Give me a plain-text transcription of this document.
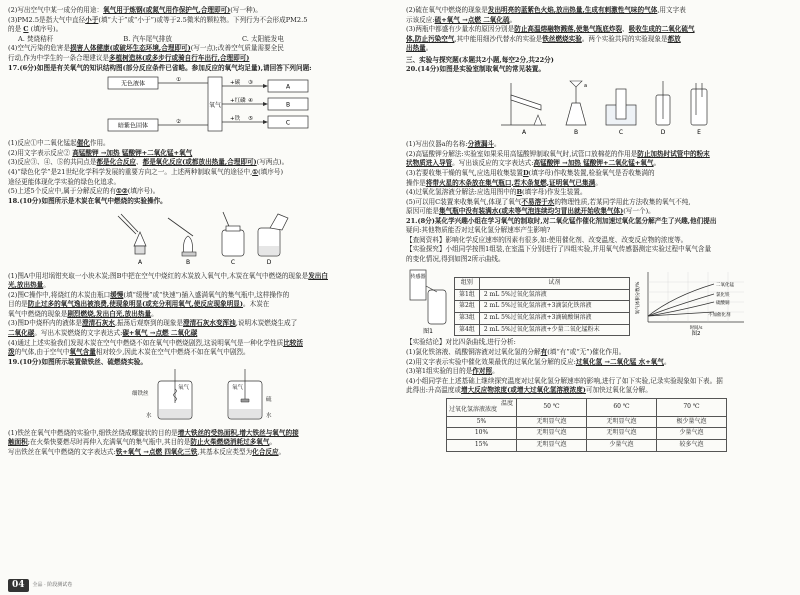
(2)写出空气中某一成分的用途：氧气用于炼钢(或氮气用作保护气,合理即可)(写一种)。
(3)PM2.5是指大气中直径小于(填“大于”或“小于”)或等于2.5微米的颗粒物。下列行为不会形成PM2.5
的是 C (填序号)。
A. 焚烧秸秆	B. 汽车尾气排放	C. 太阳能发电
(4)空气污染的危害是损害人体健康(或破坏生态环境,合理即可)(写一点);改善空气质量需要全民
行动,作为中学生的一条合理建议是多植树造林(或多步行或骑自行车出行,合理即可)
17.(6分)如图是有关氧气的知识结构图(部分反应条件已省略。参加反应的氧气均足量),请回答下列问题:
无色液体
暗紫色固体
①
②
氧气
+碳
+红磷
+铁
③
④
⑤
A
B
C
(1)反应①中二氧化锰起催化作用。
(2)用文字表示反应② 高锰酸钾 →加热 锰酸钾+二氧化锰+氧气
(3)反应③、④、⑤的共同点是都是化合反应、都是氧化反应(或都放出热量,合理即可)(写两点)。
(4)“绿色化学”是21世纪化学科学发展的重要方向之一。上述两种制取氧气的途径中,①(填序号)
途径更能体现化学实验的绿色化追求。
(5)上述5个反应中,属于分解反应的有①②(填序号)。
18.(10分)如图所示是木炭在氧气中燃烧的实验操作。
A	B	C	D
(1)图A中用坩埚钳夹取一小块木炭;图B中把在空气中烧红的木炭放入氧气中,木炭在氧气中燃烧的现象是发出白
光,放出热量。
(2)图C操作中,将烧红的木炭由瓶口缓慢(填“缓慢”或“快速”)插入盛满氧气的集气瓶中,这样操作的
目的是防止过多的氧气逸出被浪费,使现象明显(或充分利用氧气,使反应现象明显)。木炭在
氧气中燃烧的现象是剧烈燃烧,发出白光,放出热量。
(3)图D中烧杯内的液体是澄清石灰水,振荡后观察到的现象是澄清石灰水变浑浊,说明木炭燃烧生成了
二氧化碳。写出木炭燃烧的文字表达式:碳+氧气 →点燃 二氧化碳
(4)通过上述实验我们发现木炭在空气中燃烧不如在氧气中燃烧剧烈,这说明氧气是一种化学性质比较活
泼的气体,由于空气中氧气含量相对较少,因此木炭在空气中燃烧不如在氧气中剧烈。
19.(10分)如图所示装置做铁丝、硫燃烧实验。
细铁丝
氧气
水
氧气
硫
水
(1)铁丝在氧气中燃烧的实验中,细铁丝绕成螺旋状的目的是增大铁丝的受热面积,增大铁丝与氧气的接
触面积;在火柴快要燃尽时再伸入充满氧气的集气瓶中,其目的是防止火柴燃烧消耗过多氧气。
写出铁丝在氧气中燃烧的文字表达式:铁+氧气 →点燃 四氧化三铁,其基本反应类型为化合反应。
(2)硫在氧气中燃烧的现象是发出明亮的蓝紫色火焰,放出热量,生成有刺激性气味的气体,用文字表
示该反应:硫+氧气 →点燃 二氧化硫。
(3)两瓶中都盛有少量水的原因分别是防止高温熔融物溅落,使集气瓶底炸裂、吸收生成的二氧化硫气
体,防止污染空气,其中能用细沙代替水的实验是铁丝燃烧实验。两个实验共同的实验现象是都放
出热量。
三、实验与探究题(本题共2小题,每空2分,共22分)
20.(14分)如图是实验室制取氧气的常见装置。
A
a
B	C	D	E
(1)写出仪器a的名称:分液漏斗。
(2)高锰酸钾分解法:实验室如果采用高锰酸钾制取氧气时,试管口放棉花的作用是防止加热时试管中的粉末
状物质进入导管。写出该反应的文字表达式:高锰酸钾 →加热 锰酸钾+二氧化锰+氧气。
(3)若要收集干燥的氧气,应选用收集装置D(填字母)作收集装置,检验氧气是否收集满的
操作是将带火星的木条放在集气瓶口,若木条复燃,证明氧气已集满。
(4)过氧化氢溶液分解法:应选用图中的B(填字母)作发生装置。
(5)可以用C装置来收集氧气,体现了氧气不易溶于水的物理性质,若某同学用此方法收集的氧气不纯,
原因可能是集气瓶中没有装满水(或未等气泡连续均匀冒出就开始收集气体)(写一个)。
21.(8分)某化学兴趣小组在学习氧气的制取时,对二氧化锰作催化剂加速过氧化氢分解产生了兴趣,他们提出
疑问:其他物质能否对过氧化氢分解速率产生影响?
【查阅资料】影响化学反应速率的因素有很多,如:使用催化剂、改变温度、改变反应物的浓度等。
【实验探究】小组同学按图1组装,在室温下分别进行了四组实验,并用氧气传感器测定实验过程中氧气含量
的变化情况,得到如图2所示曲线。
传感器
图1
组别	试剂
第1组	2 mL 5%过氧化氢溶液
第2组	2 mL 5%过氧化氢溶液+3滴氯化铁溶液
第3组	2 mL 5%过氧化氢溶液+3滴硫酸铜溶液
第4组	2 mL 5%过氧化氢溶液+少量二氧化锰粉末
二氧化锰
氯化铁
硫酸铜
不加催化剂
氧气体积分数/%
时间/s
图2
【实验结论】对比四条曲线,进行分析:
(1)氯化铁溶液、硫酸铜溶液对过氧化氢的分解有(填“有”或“无”)催化作用。
(2)用文字表示实验中催化效果最优的过氧化氢分解的反应:过氧化氢 →二氧化锰 水+氧气。
(3)第1组实验的目的是作对照。
(4)小组同学在上述基础上继续探究温度对过氧化氢分解速率的影响,进行了如下实验,记录实验现象如下表。据
此得出:升高温度或增大反应物浓度(或增大过氧化氢溶液浓度)可加快过氧化氢分解。
温度
过氧化氢溶液浓度	50 ℃	60 ℃	70 ℃
5%	无明显气泡	无明显气泡	极少量气泡
10%	无明显气泡	无明显气泡	少量气泡
15%	无明显气泡	少量气泡	较多气泡
04	全品 · 阶段测试卷
